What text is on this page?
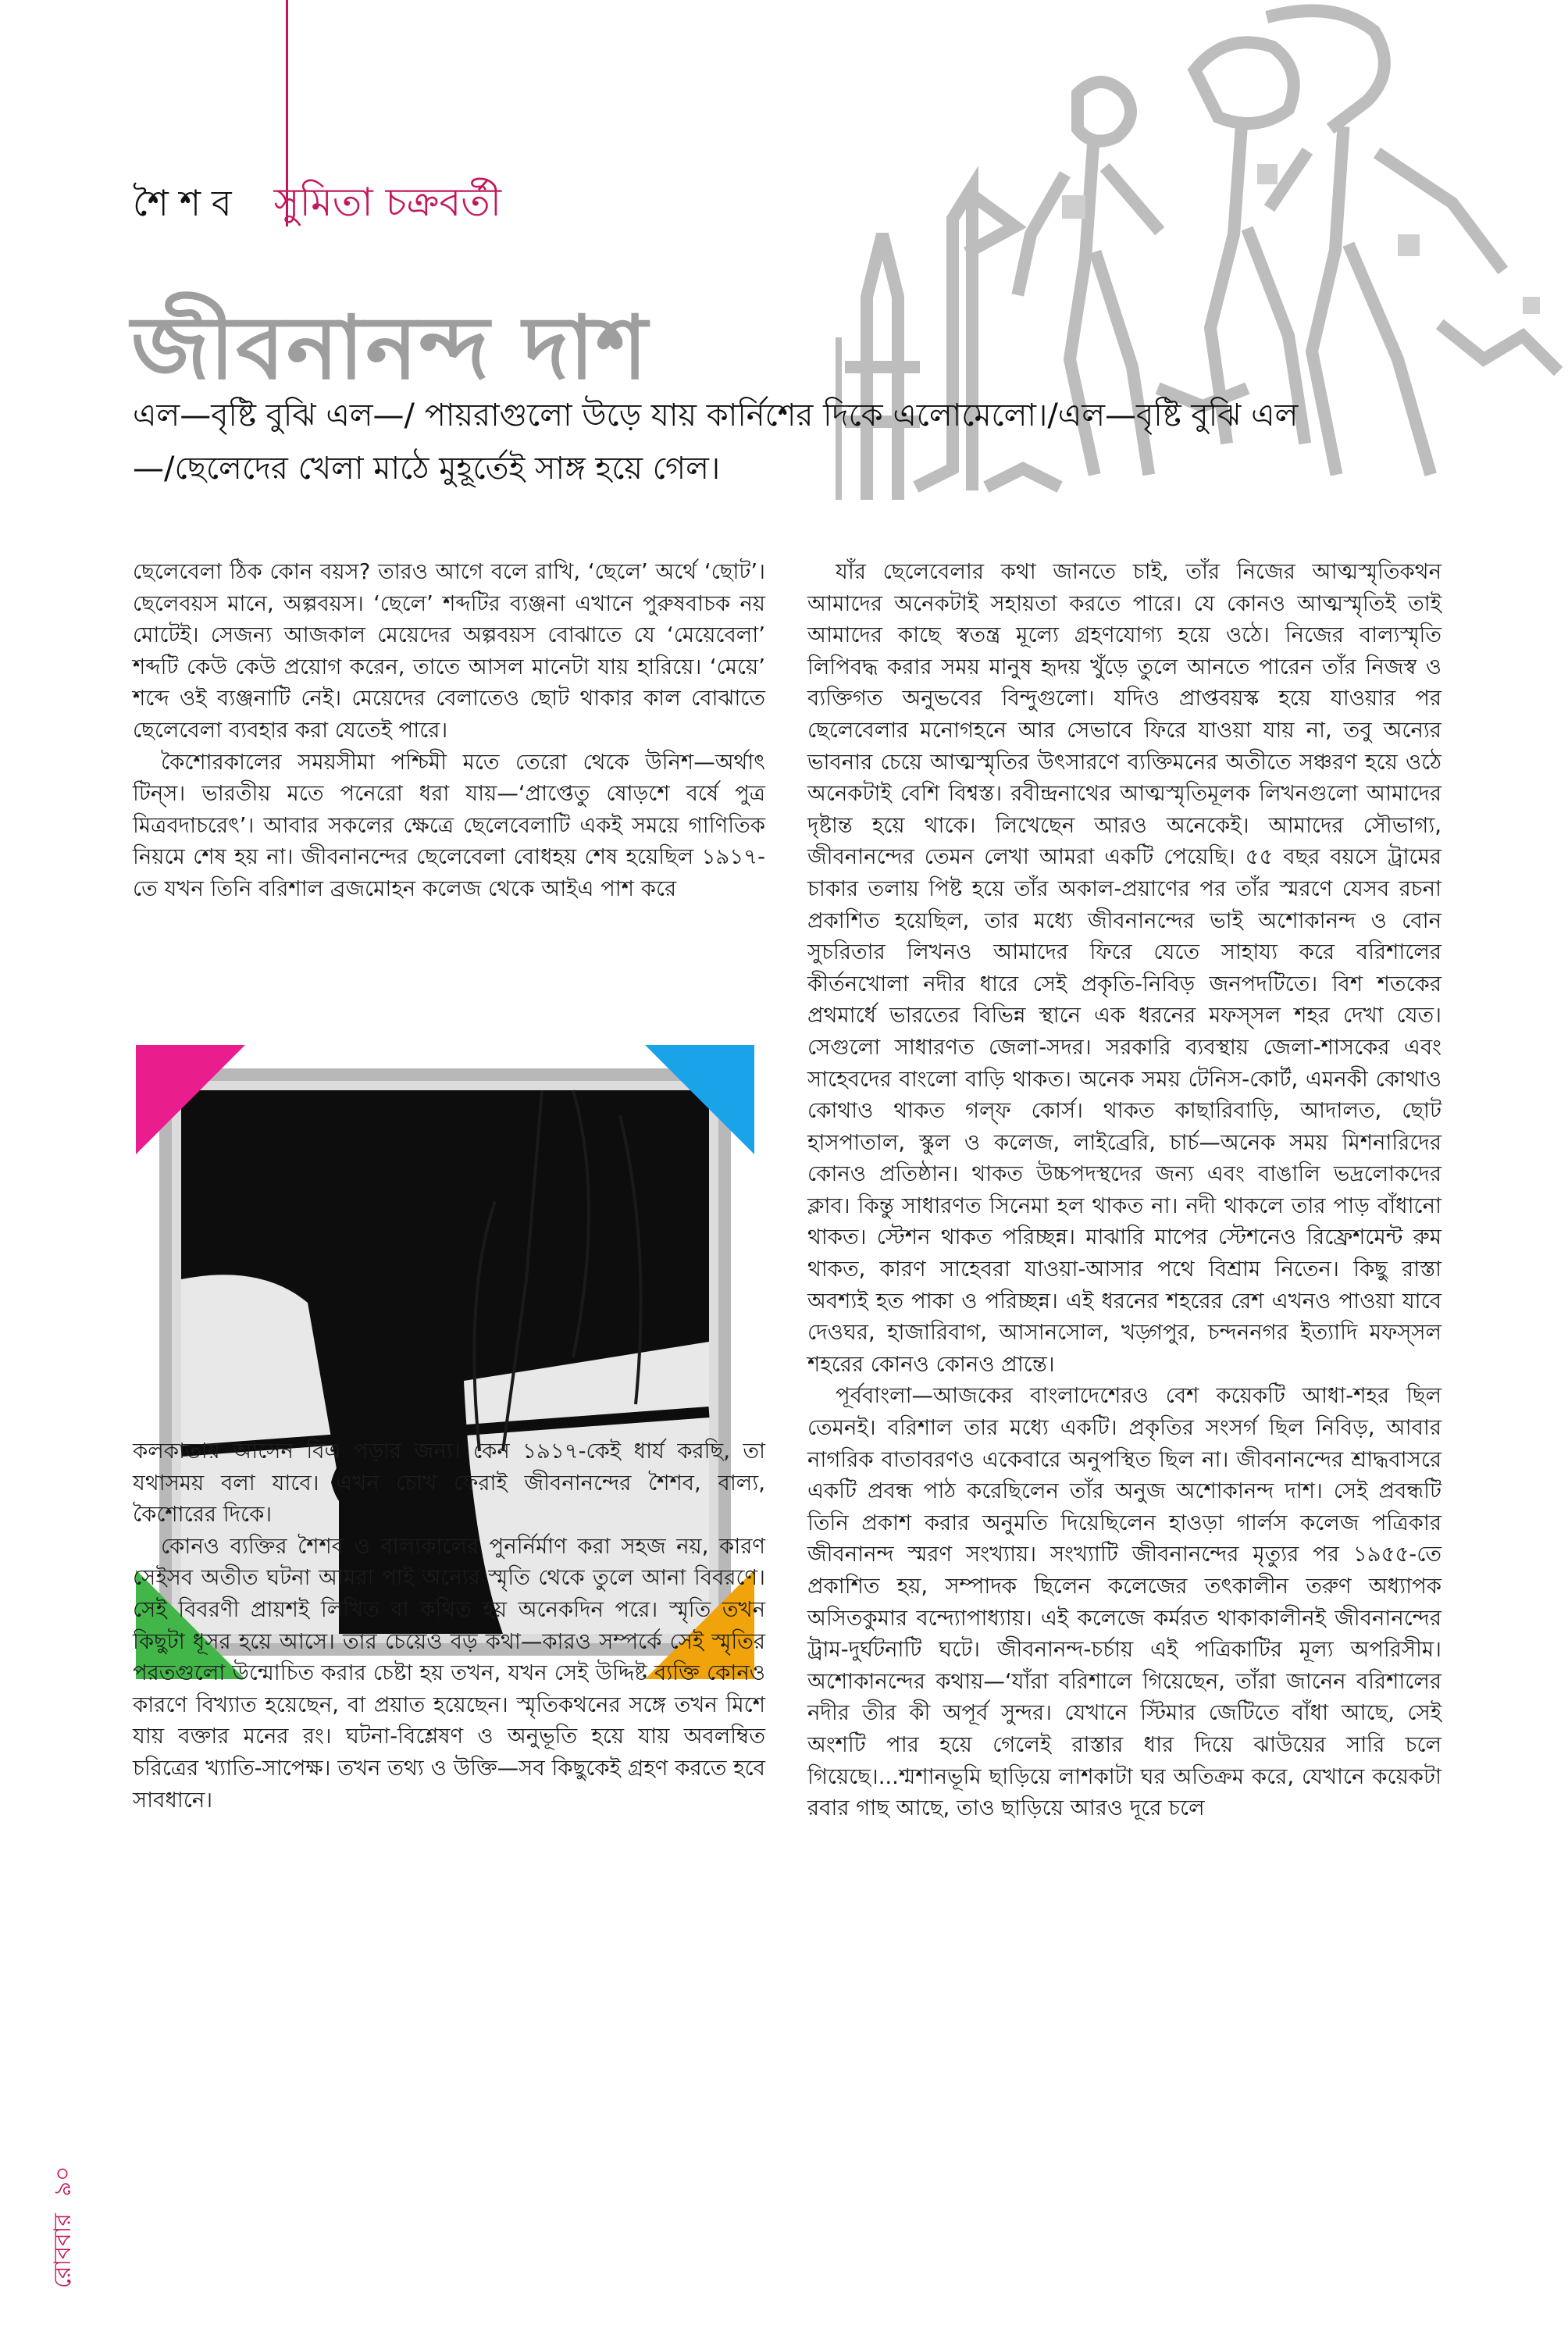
শৈশব সুমিতা চক্রবর্তী
জীবনানন্দ দাশ
এল—বৃষ্টি বুঝি এল—/ পায়রাগুলো উড়ে যায় কার্নিশের দিকে এলোমেলো।/এল—বৃষ্টি বুঝি এল—/ছেলেদের খেলা মাঠে মুহূর্তেই সাঙ্গ হয়ে গেল।

ছেলেবেলা ঠিক কোন বয়স? তারও আগে বলে রাখি, ‘ছেলে’ অর্থে ‘ছোট’। ছেলেবয়স মানে, অল্পবয়স। ‘ছেলে’ শব্দটির ব্যঞ্জনা এখানে পুরুষবাচক নয় মোটেই। সেজন্য আজকাল মেয়েদের অল্পবয়স বোঝাতে যে ‘মেয়েবেলা’ শব্দটি কেউ কেউ প্রয়োগ করেন, তাতে আসল মানেটা যায় হারিয়ে। ‘মেয়ে’ শব্দে ওই ব্যঞ্জনাটি নেই। মেয়েদের বেলাতেও ছোট থাকার কাল বোঝাতে ছেলেবেলা ব্যবহার করা যেতেই পারে।

কৈশোরকালের সময়সীমা পশ্চিমী মতে তেরো থেকে উনিশ—অর্থাৎ টিন্‌স। ভারতীয় মতে পনেরো ধরা যায়—‘প্রাপ্তেতু ষোড়শে বর্ষে পুত্র মিত্রবদাচরেৎ’। আবার সকলের ক্ষেত্রে ছেলেবেলাটি একই সময়ে গাণিতিক নিয়মে শেষ হয় না। জীবনানন্দের ছেলেবেলা বোধহয় শেষ হয়েছিল ১৯১৭-তে যখন তিনি বরিশাল ব্রজমোহন কলেজ থেকে আইএ পাশ করে

কলকাতায় আসেন বিএ পড়ার জন্য। কেন ১৯১৭-কেই ধার্য করছি, তা যথাসময় বলা যাবে। এখন চোখ ফেরাই জীবনানন্দের শৈশব, বাল্য, কৈশোরের দিকে।

কোনও ব্যক্তির শৈশব ও বাল্যকালের পুনর্নির্মাণ করা সহজ নয়, কারণ সেইসব অতীত ঘটনা আমরা পাই অন্যের স্মৃতি থেকে তুলে আনা বিবরণে। সেই বিবরণী প্রায়শই লিখিত বা কথিত হয় অনেকদিন পরে। স্মৃতি তখন কিছুটা ধূসর হয়ে আসে। তার চেয়েও বড় কথা—কারও সম্পর্কে সেই স্মৃতির পরতগুলো উন্মোচিত করার চেষ্টা হয় তখন, যখন সেই উদ্দিষ্ট ব্যক্তি কোনও কারণে বিখ্যাত হয়েছেন, বা প্রয়াত হয়েছেন। স্মৃতিকথনের সঙ্গে তখন মিশে যায় বক্তার মনের রং। ঘটনা-বিশ্লেষণ ও অনুভূতি হয়ে যায় অবলম্বিত চরিত্রের খ্যাতি-সাপেক্ষ। তখন তথ্য ও উক্তি—সব কিছুকেই গ্রহণ করতে হবে সাবধানে।

যাঁর ছেলেবেলার কথা জানতে চাই, তাঁর নিজের আত্মস্মৃতিকথন আমাদের অনেকটাই সহায়তা করতে পারে। যে কোনও আত্মস্মৃতিই তাই আমাদের কাছে স্বতন্ত্র মূল্যে গ্রহণযোগ্য হয়ে ওঠে। নিজের বাল্যস্মৃতি লিপিবদ্ধ করার সময় মানুষ হৃদয় খুঁড়ে তুলে আনতে পারেন তাঁর নিজস্ব ও ব্যক্তিগত অনুভবের বিন্দুগুলো। যদিও প্রাপ্তবয়স্ক হয়ে যাওয়ার পর ছেলেবেলার মনোগহনে আর সেভাবে ফিরে যাওয়া যায় না, তবু অন্যের ভাবনার চেয়ে আত্মস্মৃতির উৎসারণে ব্যক্তিমনের অতীতে সঞ্চরণ হয়ে ওঠে অনেকটাই বেশি বিশ্বস্ত। রবীন্দ্রনাথের আত্মস্মৃতিমূলক লিখনগুলো আমাদের দৃষ্টান্ত হয়ে থাকে। লিখেছেন আরও অনেকেই। আমাদের সৌভাগ্য, জীবনানন্দের তেমন লেখা আমরা একটি পেয়েছি। ৫৫ বছর বয়সে ট্রামের চাকার তলায় পিষ্ট হয়ে তাঁর অকাল-প্রয়াণের পর তাঁর স্মরণে যেসব রচনা প্রকাশিত হয়েছিল, তার মধ্যে জীবনানন্দের ভাই অশোকানন্দ ও বোন সুচরিতার লিখনও আমাদের ফিরে যেতে সাহায্য করে বরিশালের কীর্তনখোলা নদীর ধারে সেই প্রকৃতি-নিবিড় জনপদটিতে। বিশ শতকের প্রথমার্ধে ভারতের বিভিন্ন স্থানে এক ধরনের মফস্‌সল শহর দেখা যেত। সেগুলো সাধারণত জেলা-সদর। সরকারি ব্যবস্থায় জেলা-শাসকের এবং সাহেবদের বাংলো বাড়ি থাকত। অনেক সময় টেনিস-কোর্ট, এমনকী কোথাও কোথাও থাকত গল্‌ফ কোর্স। থাকত কাছারিবাড়ি, আদালত, ছোট হাসপাতাল, স্কুল ও কলেজ, লাইব্রেরি, চার্চ—অনেক সময় মিশনারিদের কোনও প্রতিষ্ঠান। থাকত উচ্চপদস্থদের জন্য এবং বাঙালি ভদ্রলোকদের ক্লাব। কিন্তু সাধারণত সিনেমা হল থাকত না। নদী থাকলে তার পাড় বাঁধানো থাকত। স্টেশন থাকত পরিচ্ছন্ন। মাঝারি মাপের স্টেশনেও রিফ্রেশমেন্ট রুম থাকত, কারণ সাহেবরা যাওয়া-আসার পথে বিশ্রাম নিতেন। কিছু রাস্তা অবশ্যই হত পাকা ও পরিচ্ছন্ন। এই ধরনের শহরের রেশ এখনও পাওয়া যাবে দেওঘর, হাজারিবাগ, আসানসোল, খড়্গপুর, চন্দননগর ইত্যাদি মফস্‌সল শহরের কোনও কোনও প্রান্তে।

পূর্ববাংলা—আজকের বাংলাদেশেরও বেশ কয়েকটি আধা-শহর ছিল তেমনই। বরিশাল তার মধ্যে একটি। প্রকৃতির সংসর্গ ছিল নিবিড়, আবার নাগরিক বাতাবরণও একেবারে অনুপস্থিত ছিল না। জীবনানন্দের শ্রাদ্ধবাসরে একটি প্রবন্ধ পাঠ করেছিলেন তাঁর অনুজ অশোকানন্দ দাশ। সেই প্রবন্ধটি তিনি প্রকাশ করার অনুমতি দিয়েছিলেন হাওড়া গার্লস কলেজ পত্রিকার জীবনানন্দ স্মরণ সংখ্যায়। সংখ্যাটি জীবনানন্দের মৃত্যুর পর ১৯৫৫-তে প্রকাশিত হয়, সম্পাদক ছিলেন কলেজের তৎকালীন তরুণ অধ্যাপক অসিতকুমার বন্দ্যোপাধ্যায়। এই কলেজে কর্মরত থাকাকালীনই জীবনানন্দের ট্রাম-দুর্ঘটনাটি ঘটে। জীবনানন্দ-চর্চায় এই পত্রিকাটির মূল্য অপরিসীম। অশোকানন্দের কথায়—‘যাঁরা বরিশালে গিয়েছেন, তাঁরা জানেন বরিশালের নদীর তীর কী অপূর্ব সুন্দর। যেখানে স্টিমার জেটিতে বাঁধা আছে, সেই অংশটি পার হয়ে গেলেই রাস্তার ধার দিয়ে ঝাউয়ের সারি চলে গিয়েছে।...শ্মশানভূমি ছাড়িয়ে লাশকাটা ঘর অতিক্রম করে, যেখানে কয়েকটা রবার গাছ আছে, তাও ছাড়িয়ে আরও দূরে চলে

রোববার ৯০
